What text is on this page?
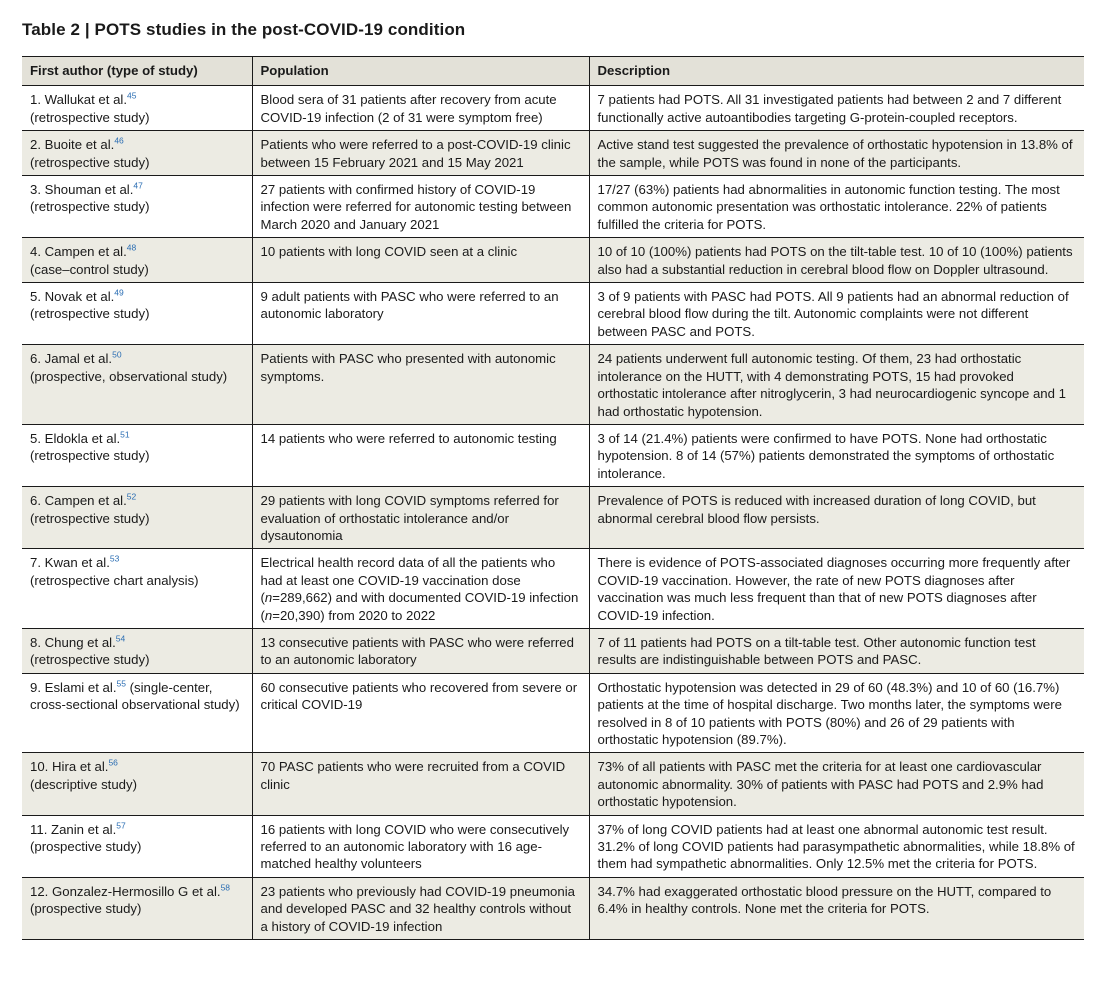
Table 2 | POTS studies in the post-COVID-19 condition
First author (type of study)	Population	Description
1. Wallukat et al.$^{45}$
(retrospective study)	Blood sera of 31 patients after recovery from acute COVID-19 infection (2 of 31 were symptom free)	7 patients had POTS. All 31 investigated patients had between 2 and 7 different functionally active autoantibodies targeting G-protein-coupled receptors.
2. Buoite et al.$^{46}$
(retrospective study)	Patients who were referred to a post-COVID-19 clinic between 15 February 2021 and 15 May 2021	Active stand test suggested the prevalence of orthostatic hypotension in 13.8% of the sample, while POTS was found in none of the participants.
3. Shouman et al.$^{47}$
(retrospective study)	27 patients with confirmed history of COVID-19 infection were referred for autonomic testing between March 2020 and January 2021	17/27 (63%) patients had abnormalities in autonomic function testing. The most common autonomic presentation was orthostatic intolerance. 22% of patients fulfilled the criteria for POTS.
4. Campen et al.$^{48}$
(case–control study)	10 patients with long COVID seen at a clinic	10 of 10 (100%) patients had POTS on the tilt-table test. 10 of 10 (100%) patients also had a substantial reduction in cerebral blood flow on Doppler ultrasound.
5. Novak et al.$^{49}$
(retrospective study)	9 adult patients with PASC who were referred to an autonomic laboratory	3 of 9 patients with PASC had POTS. All 9 patients had an abnormal reduction of cerebral blood flow during the tilt. Autonomic complaints were not different between PASC and POTS.
6. Jamal et al.$^{50}$
(prospective, observational study)	Patients with PASC who presented with autonomic symptoms.	24 patients underwent full autonomic testing. Of them, 23 had orthostatic intolerance on the HUTT, with 4 demonstrating POTS, 15 had provoked orthostatic intolerance after nitroglycerin, 3 had neurocardiogenic syncope and 1 had orthostatic hypotension.
5. Eldokla et al.$^{51}$
(retrospective study)	14 patients who were referred to autonomic testing	3 of 14 (21.4%) patients were confirmed to have POTS. None had orthostatic hypotension. 8 of 14 (57%) patients demonstrated the symptoms of orthostatic intolerance.
6. Campen et al.$^{52}$
(retrospective study)	29 patients with long COVID symptoms referred for evaluation of orthostatic intolerance and/or dysautonomia	Prevalence of POTS is reduced with increased duration of long COVID, but abnormal cerebral blood flow persists.
7. Kwan et al.$^{53}$
(retrospective chart analysis)	Electrical health record data of all the patients who had at least one COVID-19 vaccination dose (n=289,662) and with documented COVID-19 infection (n=20,390) from 2020 to 2022	There is evidence of POTS-associated diagnoses occurring more frequently after COVID-19 vaccination. However, the rate of new POTS diagnoses after vaccination was much less frequent than that of new POTS diagnoses after COVID-19 infection.
8. Chung et al.$^{54}$
(retrospective study)	13 consecutive patients with PASC who were referred to an autonomic laboratory	7 of 11 patients had POTS on a tilt-table test. Other autonomic function test results are indistinguishable between POTS and PASC.
9. Eslami et al.$^{55}$ (single-center, cross-sectional observational study)	60 consecutive patients who recovered from severe or critical COVID-19	Orthostatic hypotension was detected in 29 of 60 (48.3%) and 10 of 60 (16.7%) patients at the time of hospital discharge. Two months later, the symptoms were resolved in 8 of 10 patients with POTS (80%) and 26 of 29 patients with orthostatic hypotension (89.7%).
10. Hira et al.$^{56}$
(descriptive study)	70 PASC patients who were recruited from a COVID clinic	73% of all patients with PASC met the criteria for at least one cardiovascular autonomic abnormality. 30% of patients with PASC had POTS and 2.9% had orthostatic hypotension.
11. Zanin et al.$^{57}$
(prospective study)	16 patients with long COVID who were consecutively referred to an autonomic laboratory with 16 age-matched healthy volunteers	37% of long COVID patients had at least one abnormal autonomic test result. 31.2% of long COVID patients had parasympathetic abnormalities, while 18.8% of them had sympathetic abnormalities. Only 12.5% met the criteria for POTS.
12. Gonzalez-Hermosillo G et al.$^{58}$
(prospective study)	23 patients who previously had COVID-19 pneumonia and developed PASC and 32 healthy controls without a history of COVID-19 infection	34.7% had exaggerated orthostatic blood pressure on the HUTT, compared to 6.4% in healthy controls. None met the criteria for POTS.
